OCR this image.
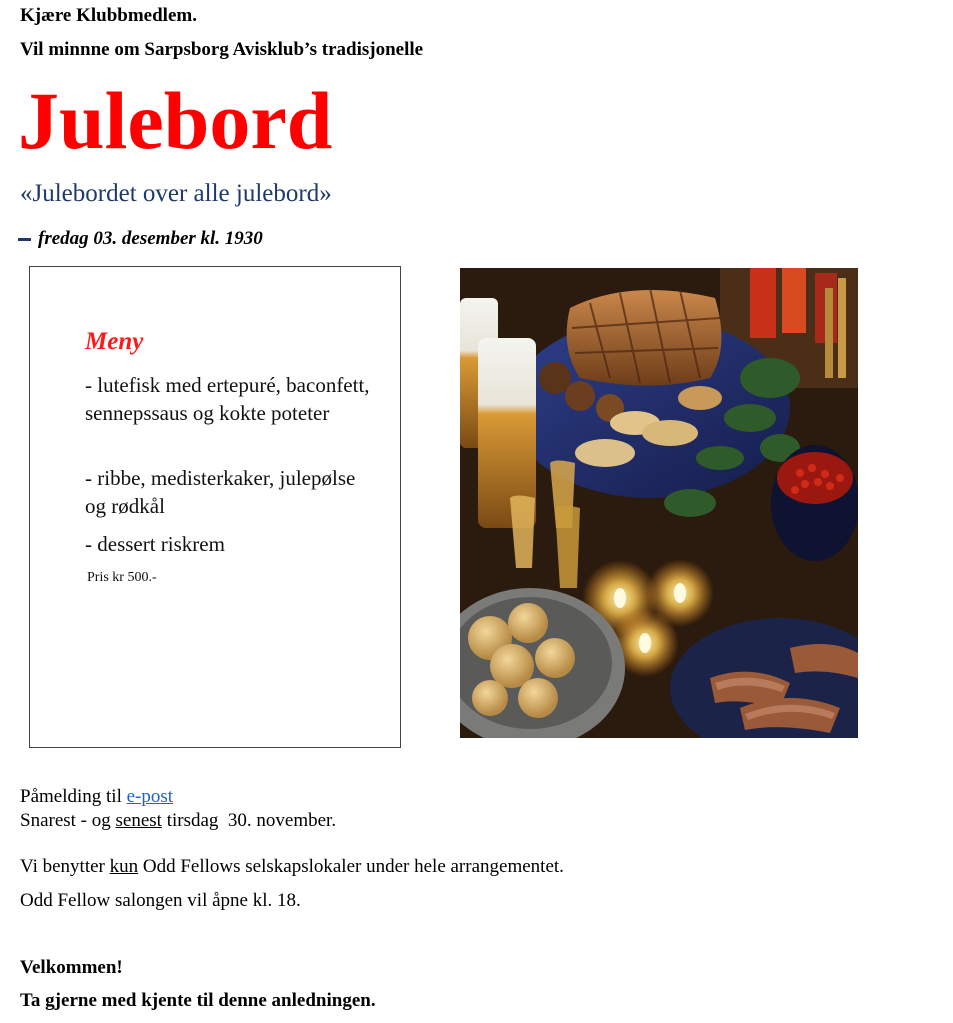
Kjære Klubbmedlem.
Vil minnne om Sarpsborg Avisklub’s tradisjonelle
Julebord
«Julebordet over alle julebord»
fredag 03. desember kl. 1930
Meny
- lutefisk med ertepuré, baconfett, sennepssaus og kokte poteter
- ribbe, medisterkaker, julepølse og rødkål
- dessert riskrem
Pris kr 500.-
Påmelding til e-post
Snarest - og senest tirsdag  30. november.
Vi benytter kun Odd Fellows selskapslokaler under hele arrangementet.
Odd Fellow salongen vil åpne kl. 18.
Velkommen!
Ta gjerne med kjente til denne anledningen.
